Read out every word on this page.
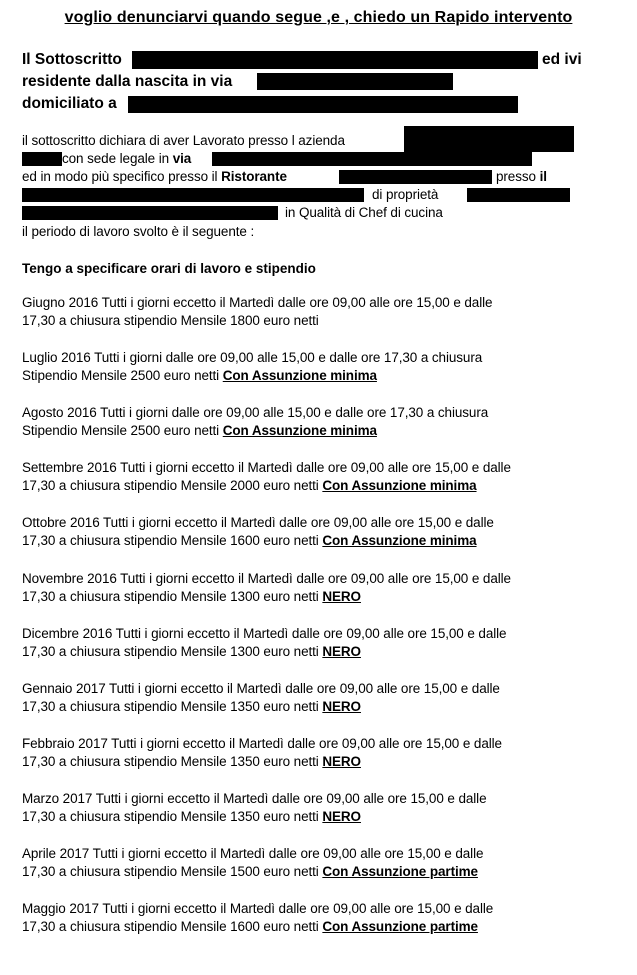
voglio denunciarvi quando segue ,e , chiedo un Rapido intervento
Il Sottoscritto	ed ivi
residente dalla nascita in via
domiciliato a
il sottoscritto dichiara di aver Lavorato presso l azienda
con sede legale in via
ed in modo più specifico presso il Ristorante	presso il
di proprietà
in Qualità di Chef di cucina
il periodo di lavoro svolto è il seguente :
Tengo a specificare orari di lavoro e stipendio
Giugno 2016 Tutti i giorni eccetto il Martedì dalle ore 09,00 alle ore 15,00 e dalle
17,30 a chiusura stipendio Mensile 1800 euro netti
Luglio 2016 Tutti i giorni dalle ore 09,00 alle 15,00 e dalle ore 17,30 a chiusura
Stipendio Mensile 2500 euro netti Con Assunzione minima
Agosto 2016 Tutti i giorni dalle ore 09,00 alle 15,00 e dalle ore 17,30 a chiusura
Stipendio Mensile 2500 euro netti Con Assunzione minima
Settembre 2016 Tutti i giorni eccetto il Martedì dalle ore 09,00 alle ore 15,00 e dalle
17,30 a chiusura stipendio Mensile 2000 euro netti Con Assunzione minima
Ottobre 2016 Tutti i giorni eccetto il Martedì dalle ore 09,00 alle ore 15,00 e dalle
17,30 a chiusura stipendio Mensile 1600 euro netti Con Assunzione minima
Novembre 2016 Tutti i giorni eccetto il Martedì dalle ore 09,00 alle ore 15,00 e dalle
17,30 a chiusura stipendio Mensile 1300 euro netti NERO
Dicembre 2016 Tutti i giorni eccetto il Martedì dalle ore 09,00 alle ore 15,00 e dalle
17,30 a chiusura stipendio Mensile 1300 euro netti NERO
Gennaio 2017 Tutti i giorni eccetto il Martedì dalle ore 09,00 alle ore 15,00 e dalle
17,30 a chiusura stipendio Mensile 1350 euro netti NERO
Febbraio 2017 Tutti i giorni eccetto il Martedì dalle ore 09,00 alle ore 15,00 e dalle
17,30 a chiusura stipendio Mensile 1350 euro netti NERO
Marzo 2017 Tutti i giorni eccetto il Martedì dalle ore 09,00 alle ore 15,00 e dalle
17,30 a chiusura stipendio Mensile 1350 euro netti NERO
Aprile 2017 Tutti i giorni eccetto il Martedì dalle ore 09,00 alle ore 15,00 e dalle
17,30 a chiusura stipendio Mensile 1500 euro netti Con Assunzione partime
Maggio 2017 Tutti i giorni eccetto il Martedì dalle ore 09,00 alle ore 15,00 e dalle
17,30 a chiusura stipendio Mensile 1600 euro netti Con Assunzione partime
